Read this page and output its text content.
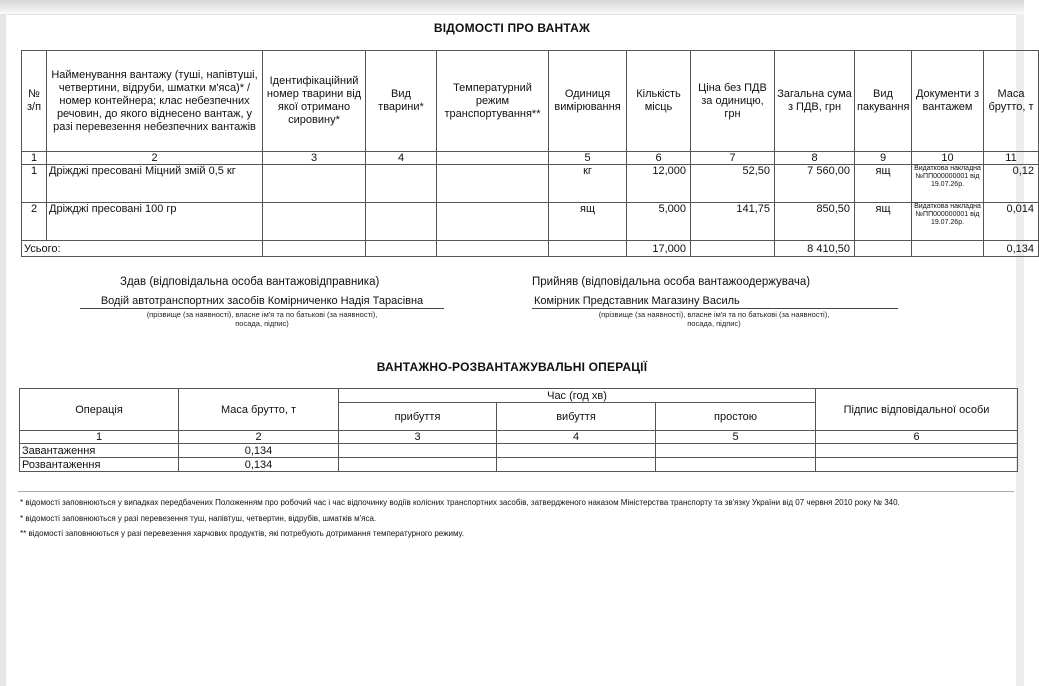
ВІДОМОСТІ ПРО ВАНТАЖ
№ з/п	Найменування вантажу (туші, напівтуші, четвертини, відруби, шматки м'яса)* / номер контейнера; клас небезпечних речовин, до якого віднесено вантаж, у разі перевезення небезпечних вантажів	Ідентифікаційний номер тварини від якої отримано сировину*	Вид тварини*	Температурний режим транспортування**	Одиниця вимірювання	Кількість місць	Ціна без ПДВ за одиницю, грн	Загальна сума з ПДВ, грн	Вид пакування	Документи з вантажем	Маса брутто, т
1	2	3	4		5	6	7	8	9	10	11
1	Дріжджі пресовані Міцний змій 0,5 кг				кг	12,000	52,50	7 560,00	ящ	Видаткова накладна №ПП000000001 від 19.07.26р.	0,12
2	Дріжджі пресовані 100 гр				ящ	5,000	141,75	850,50	ящ	Видаткова накладна №ПП000000001 від 19.07.26р.	0,014
Усього:						17,000		8 410,50			0,134
Здав (відповідальна особа вантажовідправника)
Водій автотранспортних засобів Комірниченко Надія Тарасівна
(прізвище (за наявності), власне ім'я та по батькові (за наявності),
посада, підпис)
Прийняв (відповідальна особа вантажоодержувача)
Комірник Представник Магазину Василь
(прізвище (за наявності), власне ім'я та по батькові (за наявності),
посада, підпис)
ВАНТАЖНО-РОЗВАНТАЖУВАЛЬНІ ОПЕРАЦІЇ
Операція	Маса брутто, т	Час (год хв)			Підпис відповідальної особи
		прибуття	вибуття	простою	
1	2	3	4	5	6
Завантаження	0,134				
Розвантаження	0,134				
* відомості заповнюються у випадках передбачених Положенням про робочий час і час відпочинку водіїв колісних транспортних засобів, затвердженого наказом Міністерства транспорту та зв'язку України від 07 червня 2010 року № 340.
* відомості заповнюються у разі перевезення туш, напівтуш, четвертин, відрубів, шматків м'яса.
** відомості заповнюються у разі перевезення харчових продуктів, які потребують дотримання температурного режиму.
